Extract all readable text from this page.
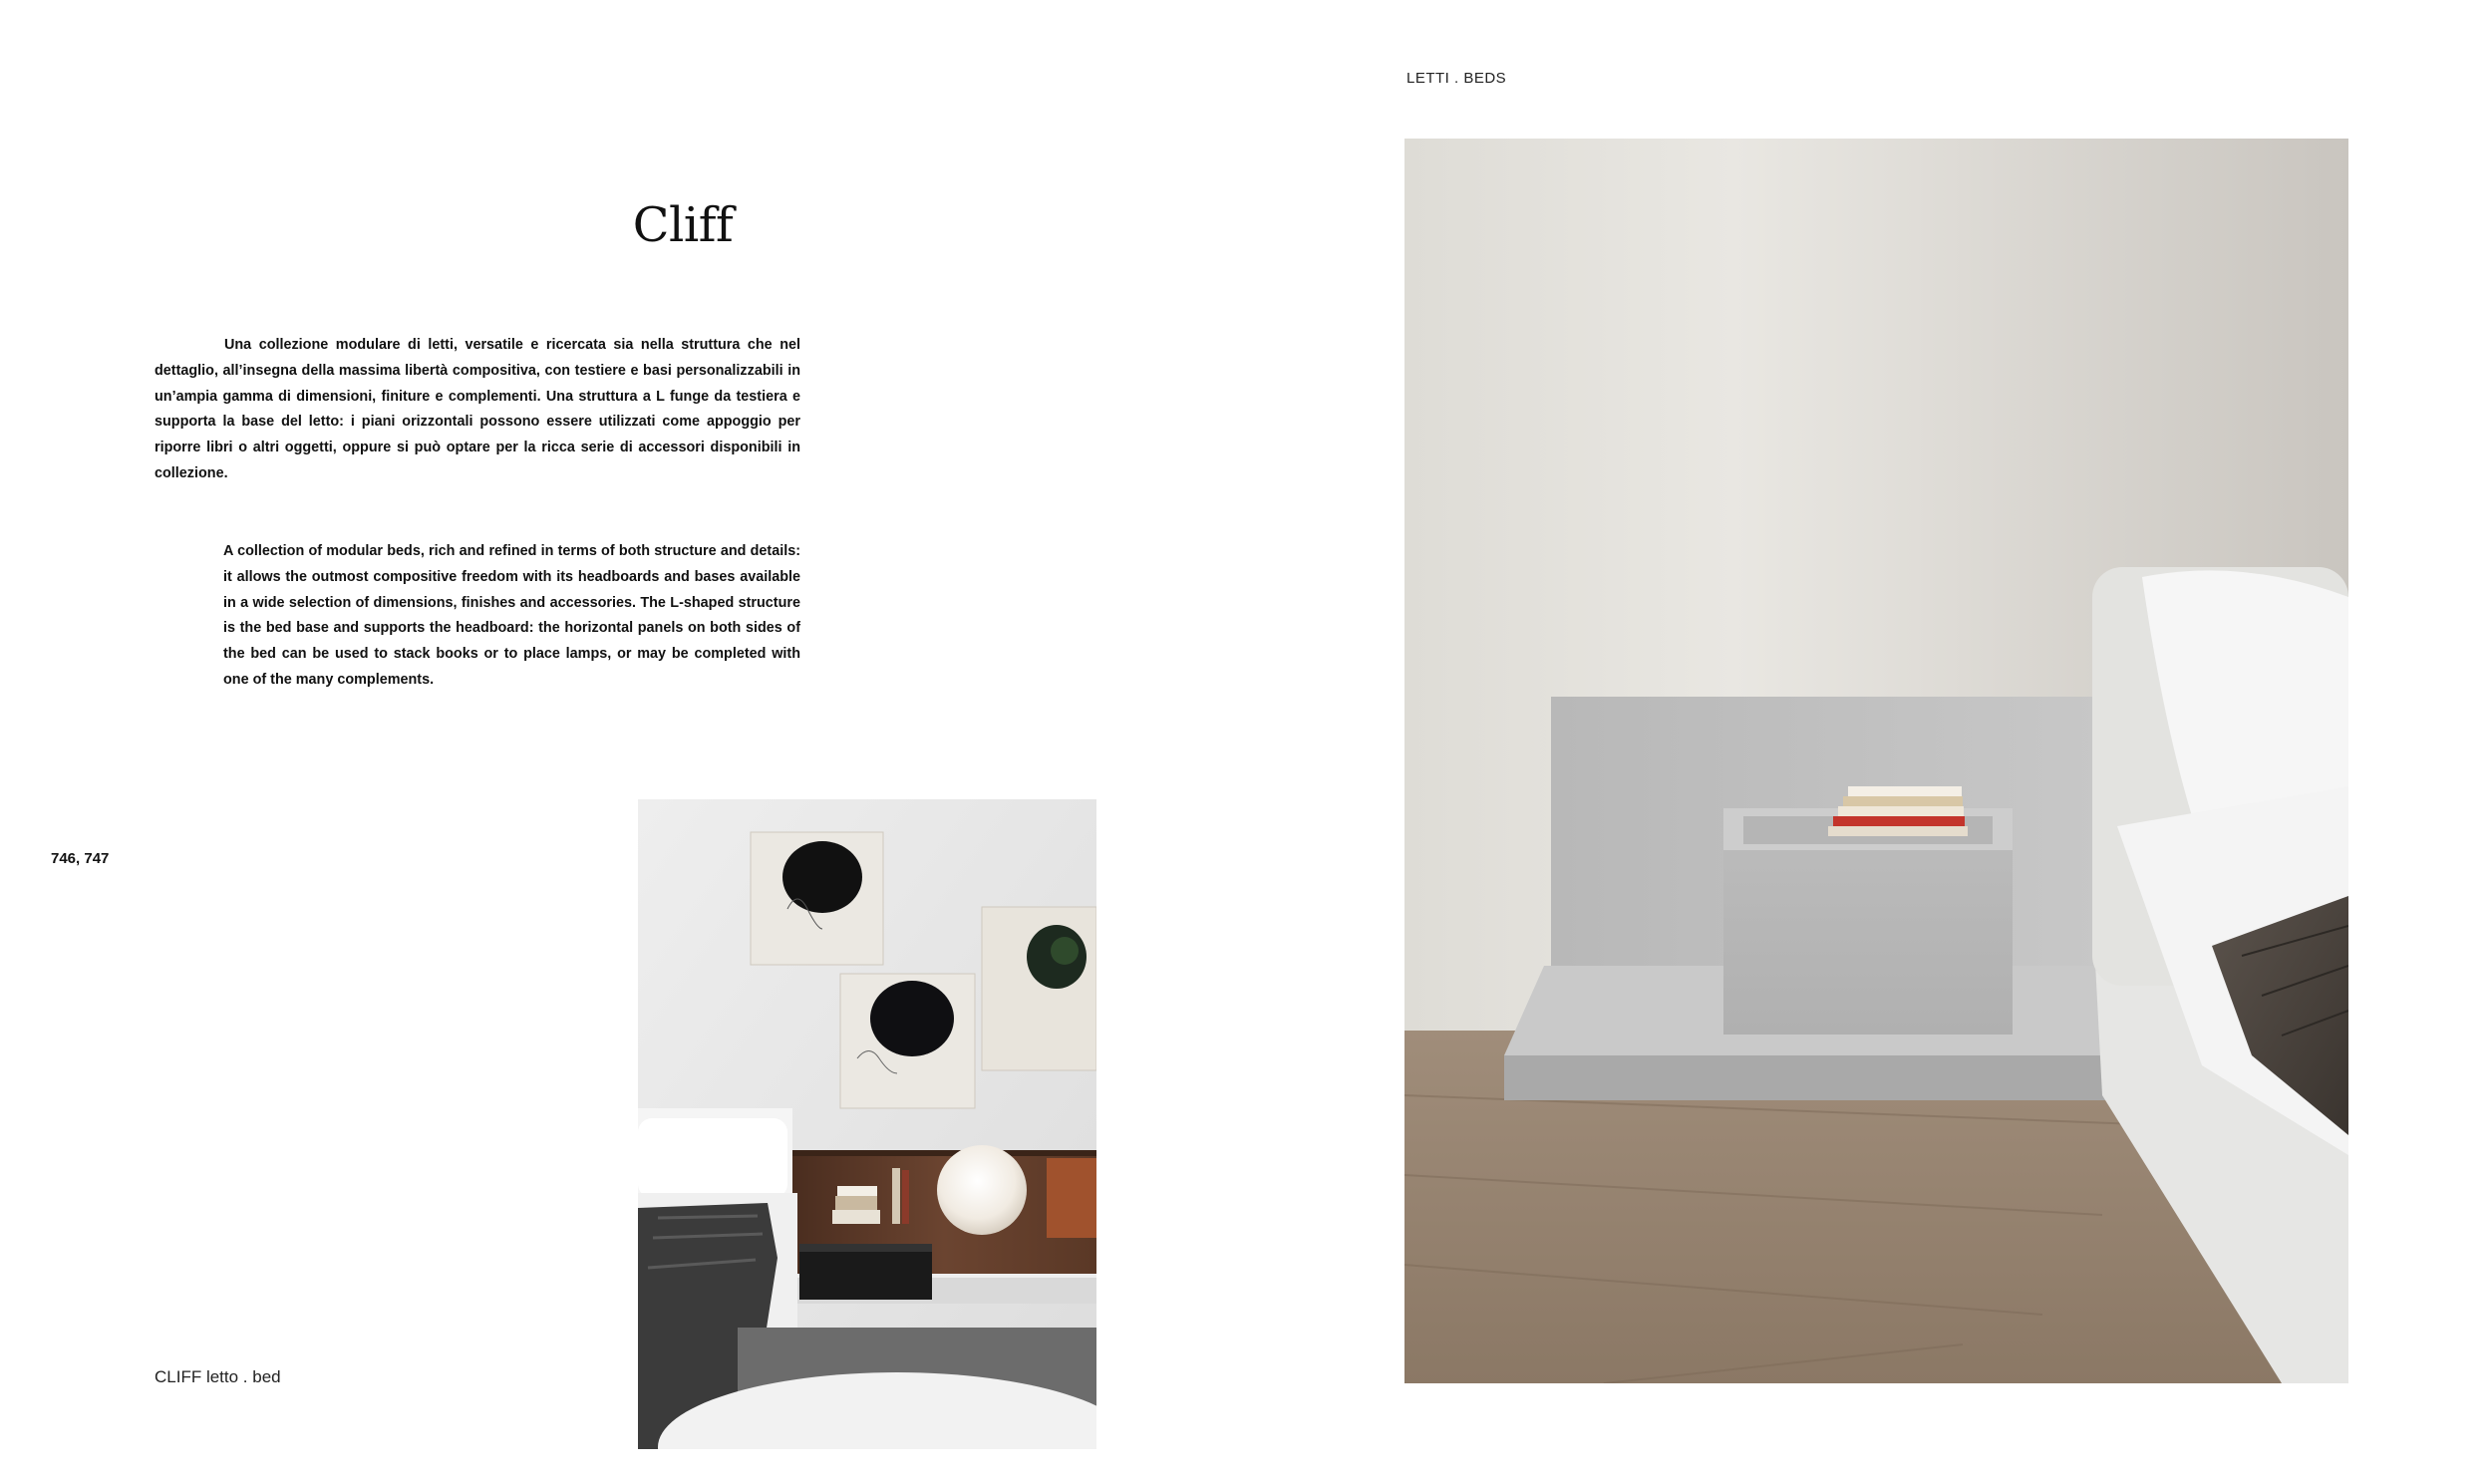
LETTI . BEDS
Cliff
Una collezione modulare di letti, versatile e ricercata sia nella struttura che nel dettaglio, all’insegna della massima libertà compositiva, con testiere e basi personalizzabili in un’ampia gamma di dimensioni, finiture e complementi. Una struttura a L funge da testiera e supporta la base del letto: i piani orizzontali possono essere utilizzati come appoggio per riporre libri o altri oggetti, oppure si può optare per la ricca serie di accessori disponibili in collezione.
A collection of modular beds, rich and refined in terms of both structure and details: it allows the outmost compositive freedom with its headboards and bases available in a wide selection of dimensions, finishes and accessories. The L-shaped structure is the bed base and supports the headboard: the horizontal panels on both sides of the bed can be used to stack books or to place lamps, or may be completed with one of the many complements.
746, 747
CLIFF letto . bed
